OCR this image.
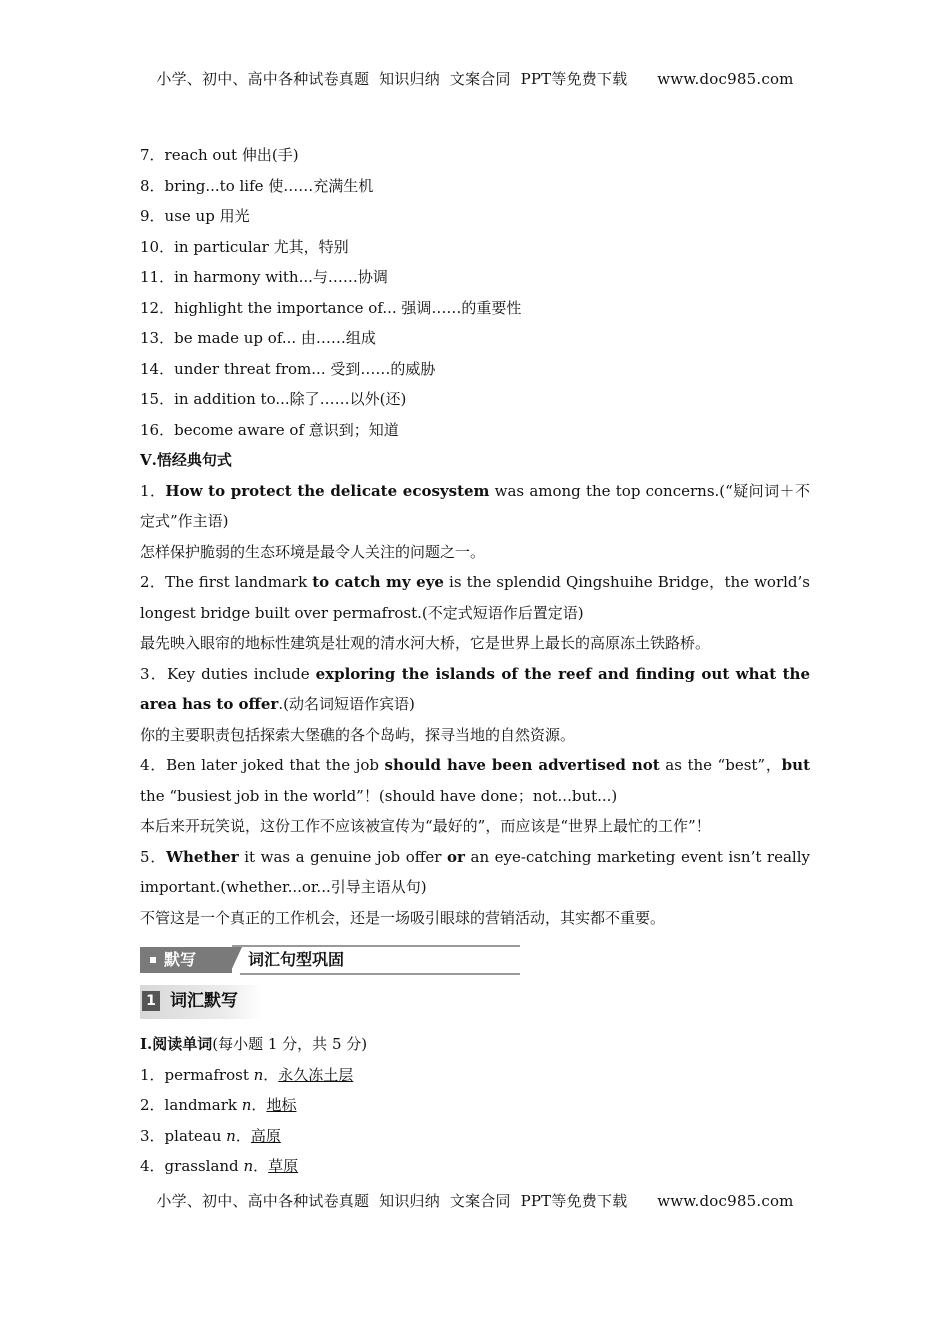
小学、初中、高中各种试卷真题  知识归纳  文案合同  PPT等免费下载      www.doc985.com
7．reach out 伸出(手)
8．bring...to life 使……充满生机
9．use up 用光
10．in particular 尤其，特别
11．in harmony with...与……协调
12．highlight the importance of... 强调……的重要性
13．be made up of... 由……组成
14．under threat from... 受到……的威胁
15．in addition to...除了……以外(还)
16．become aware of 意识到；知道
Ⅴ.悟经典句式
1．How to protect the delicate ecosystem was among the top concerns.(“疑问词＋不定式”作主语)
怎样保护脆弱的生态环境是最令人关注的问题之一。
2．The first landmark to catch my eye is the splendid Qingshuihe Bridge，the world’s longest bridge built over permafrost.(不定式短语作后置定语)
最先映入眼帘的地标性建筑是壮观的清水河大桥，它是世界上最长的高原冻土铁路桥。
3．Key duties include exploring the islands of the reef and finding out what the area has to offer.(动名词短语作宾语)
你的主要职责包括探索大堡礁的各个岛屿，探寻当地的自然资源。
4．Ben later joked that the job should have been advertised not as the “best”，but the “busiest job in the world”！(should have done；not...but...)
本后来开玩笑说，这份工作不应该被宣传为“最好的”，而应该是“世界上最忙的工作”！
5．Whether it was a genuine job offer or an eye-catching marketing event isn’t really important.(whether...or...引导主语从句)
不管这是一个真正的工作机会，还是一场吸引眼球的营销活动，其实都不重要。
默写	词汇句型巩固
1 词汇默写
Ⅰ.阅读单词(每小题 1 分，共 5 分)
1．permafrost n．永久冻土层
2．landmark n．地标
3．plateau n．高原
4．grassland n．草原
小学、初中、高中各种试卷真题  知识归纳  文案合同  PPT等免费下载      www.doc985.com
